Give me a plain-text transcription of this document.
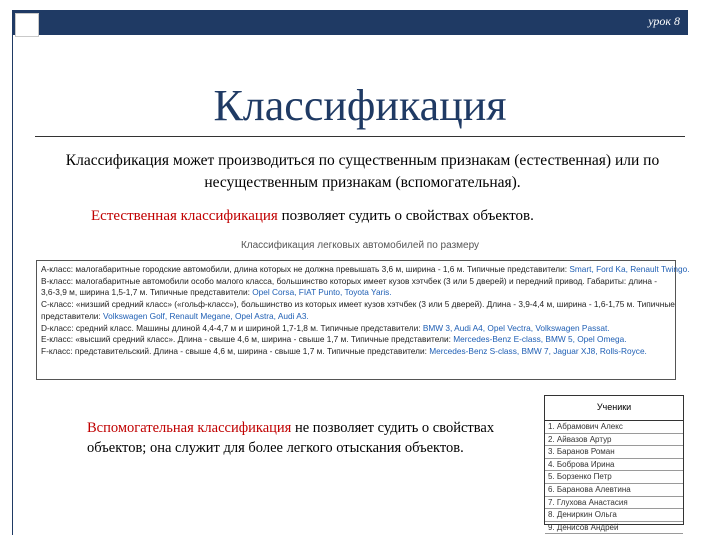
урок 8
Классификация
Классификация может производиться по существенным признакам (естественная) или по несущественным признакам (вспомогательная).
Естественная классификация позволяет судить о свойствах объектов.
Классификация легковых автомобилей по размеру
A-класс: малогабаритные городские автомобили, длина которых не должна превышать 3,6 м, ширина - 1,6 м. Типичные представители: Smart, Ford Ka, Renault Twingo.
B-класс: малогабаритные автомобили особо малого класса, большинство которых имеет кузов хэтчбек (3 или 5 дверей) и передний привод. Габариты: длина -
3,6-3,9 м, ширина 1,5-1,7 м. Типичные представители: Opel Corsa, FIAT Punto, Toyota Yaris.
C-класс: «низший средний класс» («гольф-класс»), большинство из которых имеет кузов хэтчбек (3 или 5 дверей). Длина - 3,9-4,4 м, ширина - 1,6-1,75 м. Типичные
представители: Volkswagen Golf, Renault Megane, Opel Astra, Audi A3.
D-класс: средний класс. Машины длиной 4,4-4,7 м и шириной 1,7-1,8 м. Типичные представители: BMW 3, Audi A4, Opel Vectra, Volkswagen Passat.
E-класс: «высший средний класс». Длина - свыше 4,6 м, ширина - свыше 1,7 м. Типичные представители: Mercedes-Benz E-class, BMW 5, Opel Omega.
F-класс: представительский. Длина - свыше 4,6 м, ширина - свыше 1,7 м. Типичные представители: Mercedes-Benz S-class, BMW 7, Jaguar XJ8, Rolls-Royce.
Вспомогательная классификация не позволяет судить о свойствах объектов; она служит для более легкого отыскания объектов.
Ученики
1. Абрамович Алекс
2. Айвазов Артур
3. Баранов Роман
4. Боброва Ирина
5. Борзенко Петр
6. Баранова Алевтина
7. Глухова Анастасия
8. Дениркин Ольга
9. Денисов Андрей
